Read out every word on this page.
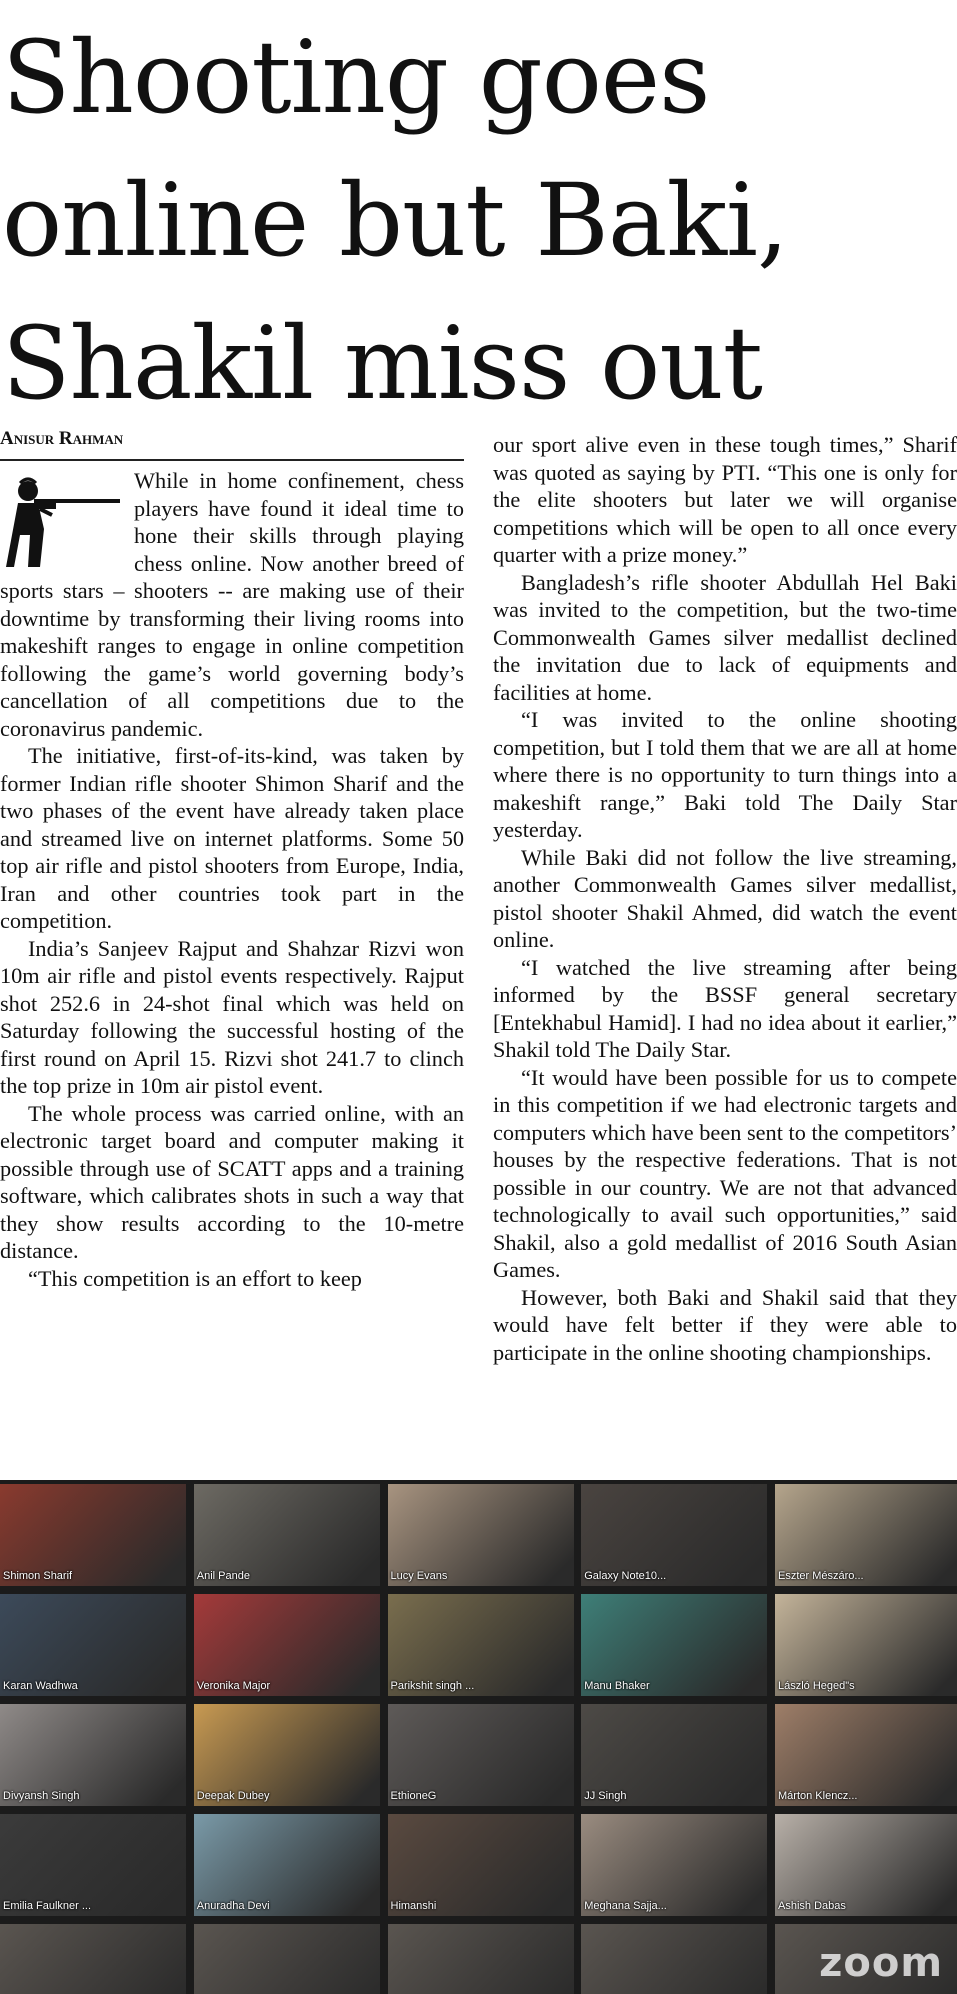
Shooting goes
online but Baki,
Shakil miss out
Anisur Rahman

While in home confinement, chess players have found it ideal time to hone their skills through playing chess online. Now another breed of sports stars – shooters -- are making use of their downtime by transforming their living rooms into makeshift ranges to engage in online competition following the game’s world governing body’s cancellation of all competitions due to the coronavirus pandemic.

The initiative, first-of-its-kind, was taken by former Indian rifle shooter Shimon Sharif and the two phases of the event have already taken place and streamed live on internet platforms. Some 50 top air rifle and pistol shooters from Europe, India, Iran and other countries took part in the competition.

India’s Sanjeev Rajput and Shahzar Rizvi won 10m air rifle and pistol events respectively. Rajput shot 252.6 in 24-shot final which was held on Saturday following the successful hosting of the first round on April 15. Rizvi shot 241.7 to clinch the top prize in 10m air pistol event.

The whole process was carried online, with an electronic target board and computer making it possible through use of SCATT apps and a training software, which calibrates shots in such a way that they show results according to the 10-metre distance.

“This competition is an effort to keep

our sport alive even in these tough times,” Sharif was quoted as saying by PTI. “This one is only for the elite shooters but later we will organise competitions which will be open to all once every quarter with a prize money.”

Bangladesh’s rifle shooter Abdullah Hel Baki was invited to the competition, but the two-time Commonwealth Games silver medallist declined the invitation due to lack of equipments and facilities at home.

“I was invited to the online shooting competition, but I told them that we are all at home where there is no opportunity to turn things into a makeshift range,” Baki told The Daily Star yesterday.

While Baki did not follow the live streaming, another Commonwealth Games silver medallist, pistol shooter Shakil Ahmed, did watch the event online.

“I watched the live streaming after being informed by the BSSF general secretary [Entekhabul Hamid]. I had no idea about it earlier,” Shakil told The Daily Star.

“It would have been possible for us to compete in this competition if we had electronic targets and computers which have been sent to the competitors’ houses by the respective federations. That is not possible in our country. We are not that advanced technologically to avail such opportunities,” said Shakil, also a gold medallist of 2016 South Asian Games.

However, both Baki and Shakil said that they would have felt better if they were able to participate in the online shooting championships.

Shimon Sharif	Anil Pande	Lucy Evans	Galaxy Note10...	Eszter Mészáro...
Karan Wadhwa	Veronika Major	Parikshit singh ...	Manu Bhaker	László Heged"s
Divyansh Singh	Deepak Dubey	EthioneG	JJ Singh	Márton Klencz...
Emilia Faulkner ...	Anuradha Devi	Himanshi	Meghana Sajja...	Ashish Dabas
zoom
